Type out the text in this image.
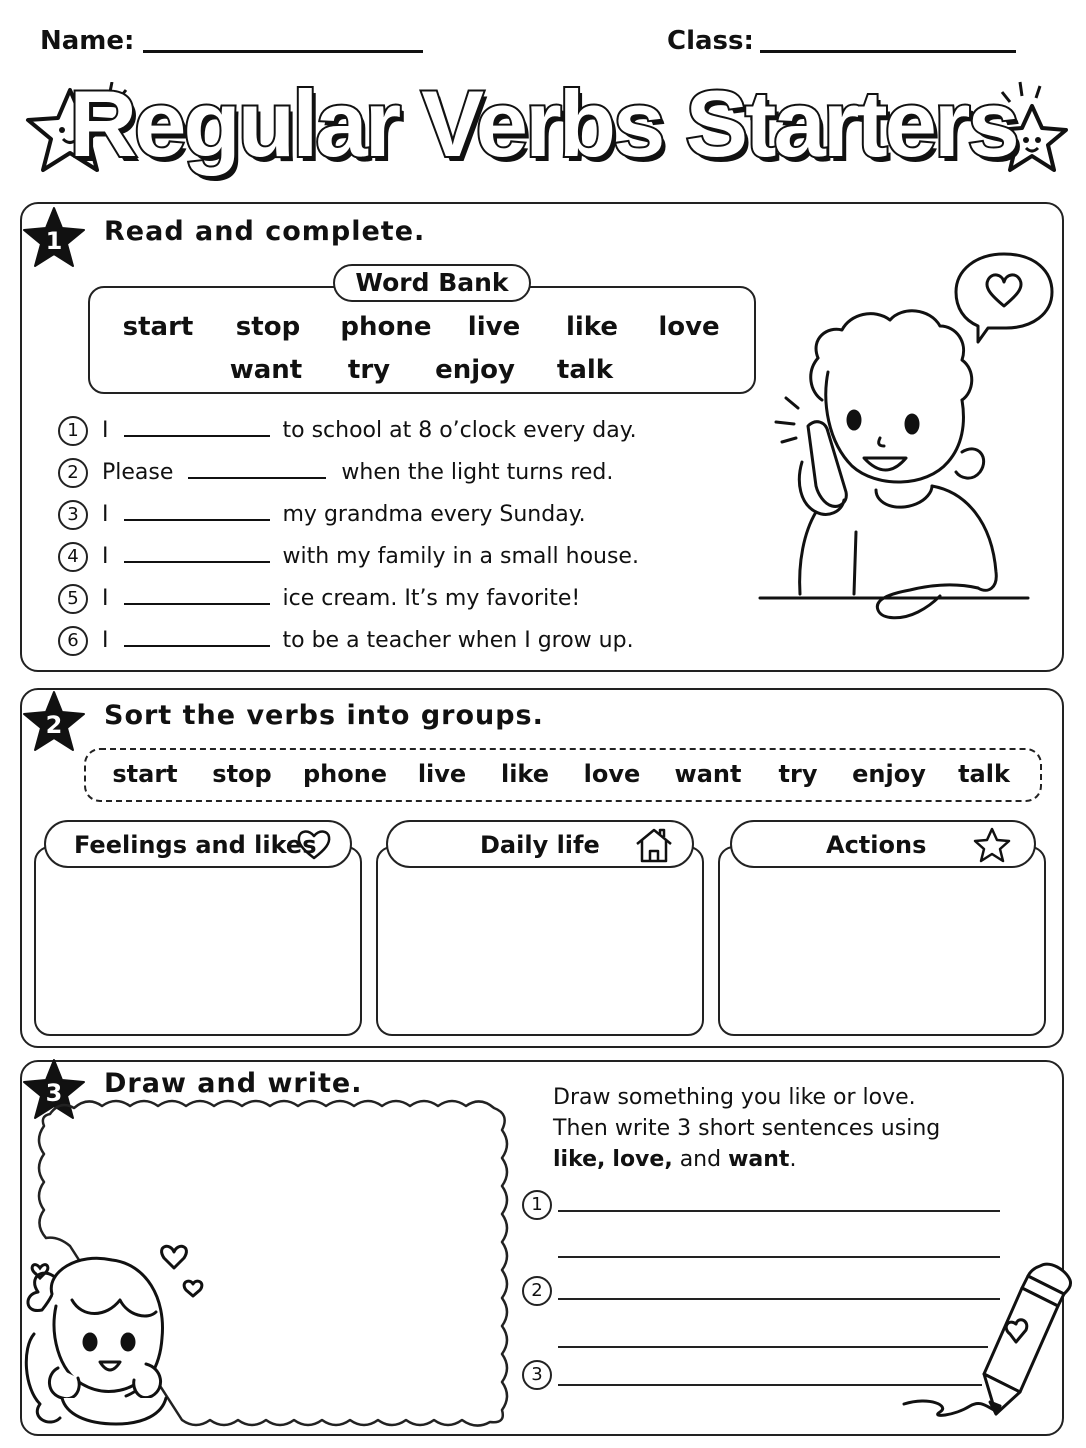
Name:	Class:
Regular Verbs Starters
1 Read and complete.
Word Bank
start stop	phone	live	like	love
want	try	enjoy	talk
1	I	to school at 8 o’clock every day.
2	Please	when the light turns red.
3	I	my grandma every Sunday.
4	I	with my family in a small house.
5	I	ice cream. It’s my favorite!
6	I	to be a teacher when I grow up.
2 Sort the verbs into groups.
start stop phone	live	like love want	try	enjoy talk
Feelings and likes	Daily life	Actions
3 Draw and write.	Draw something you like or love.
Then write 3 short sentences using
like, love, and want.
1
2
3
